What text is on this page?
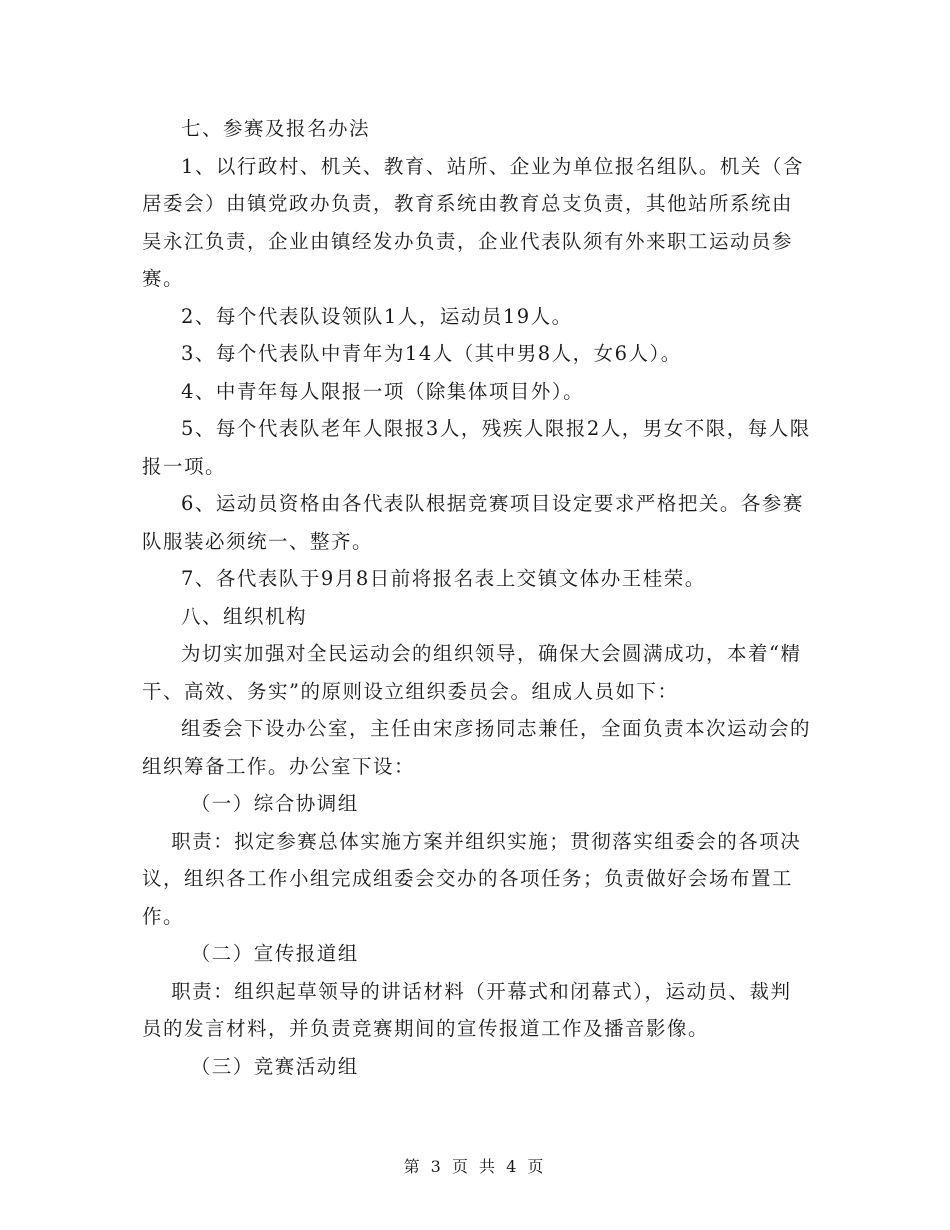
七、参赛及报名办法

1、以行政村、机关、教育、站所、企业为单位报名组队。机关（含居委会）由镇党政办负责，教育系统由教育总支负责，其他站所系统由吴永江负责，企业由镇经发办负责，企业代表队须有外来职工运动员参赛。

2、每个代表队设领队1人，运动员19人。

3、每个代表队中青年为14人（其中男8人，女6人）。

4、中青年每人限报一项（除集体项目外）。

5、每个代表队老年人限报3人，残疾人限报2人，男女不限，每人限报一项。

6、运动员资格由各代表队根据竞赛项目设定要求严格把关。各参赛队服装必须统一、整齐。

7、各代表队于9月8日前将报名表上交镇文体办王桂荣。

八、组织机构

为切实加强对全民运动会的组织领导，确保大会圆满成功，本着“精干、高效、务实”的原则设立组织委员会。组成人员如下：

组委会下设办公室，主任由宋彦扬同志兼任，全面负责本次运动会的组织筹备工作。办公室下设：

（一）综合协调组

职责：拟定参赛总体实施方案并组织实施；贯彻落实组委会的各项决议，组织各工作小组完成组委会交办的各项任务；负责做好会场布置工作。

（二）宣传报道组

职责：组织起草领导的讲话材料（开幕式和闭幕式），运动员、裁判员的发言材料，并负责竞赛期间的宣传报道工作及播音影像。

（三）竞赛活动组

第 3 页 共 4 页
